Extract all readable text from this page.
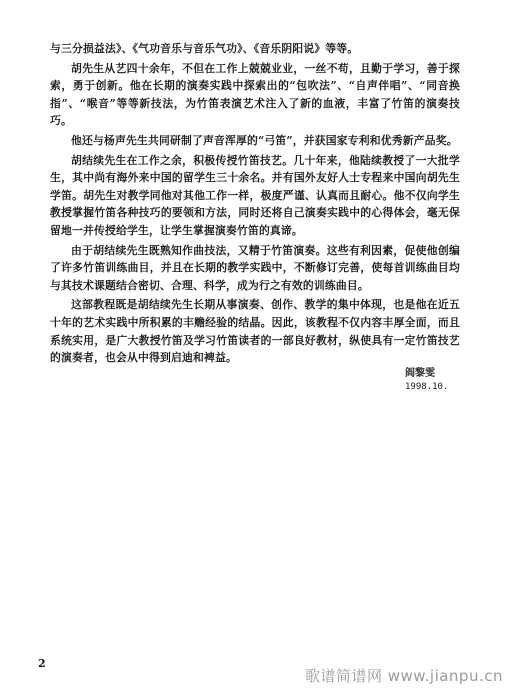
与三分损益法》、《气功音乐与音乐气功》、《音乐阴阳说》等等。

胡先生从艺四十余年，不但在工作上兢兢业业，一丝不苟，且勤于学习，善于探索，勇于创新。他在长期的演奏实践中探索出的“包吹法”、“自声伴唱”、“同音换指”、“喉音”等等新技法，为竹笛表演艺术注入了新的血液，丰富了竹笛的演奏技巧。

他还与杨声先生共同研制了声音浑厚的“弓笛”，并获国家专利和优秀新产品奖。

胡结续先生在工作之余，积极传授竹笛技艺。几十年来，他陆续教授了一大批学生，其中尚有海外来中国的留学生三十余名。并有国外友好人士专程来中国向胡先生学笛。胡先生对教学同他对其他工作一样，极度严谨、认真而且耐心。他不仅向学生教授掌握竹笛各种技巧的要领和方法，同时还将自己演奏实践中的心得体会，毫无保留地一并传授给学生，让学生掌握演奏竹笛的真谛。

由于胡结续先生既熟知作曲技法，又精于竹笛演奏。这些有利因素，促使他创编了许多竹笛训练曲目，并且在长期的教学实践中，不断修订完善，使每首训练曲目均与其技术课题结合密切、合理、科学，成为行之有效的训练曲目。

这部教程既是胡结续先生长期从事演奏、创作、教学的集中体现，也是他在近五十年的艺术实践中所积累的丰赡经验的结晶。因此，该教程不仅内容丰厚全面，而且系统实用，是广大教授竹笛及学习竹笛读者的一部良好教材，纵使具有一定竹笛技艺的演奏者，也会从中得到启迪和裨益。

阎黎雯
1998.10.
2
歌谱简谱网 www.jianpu.cn
